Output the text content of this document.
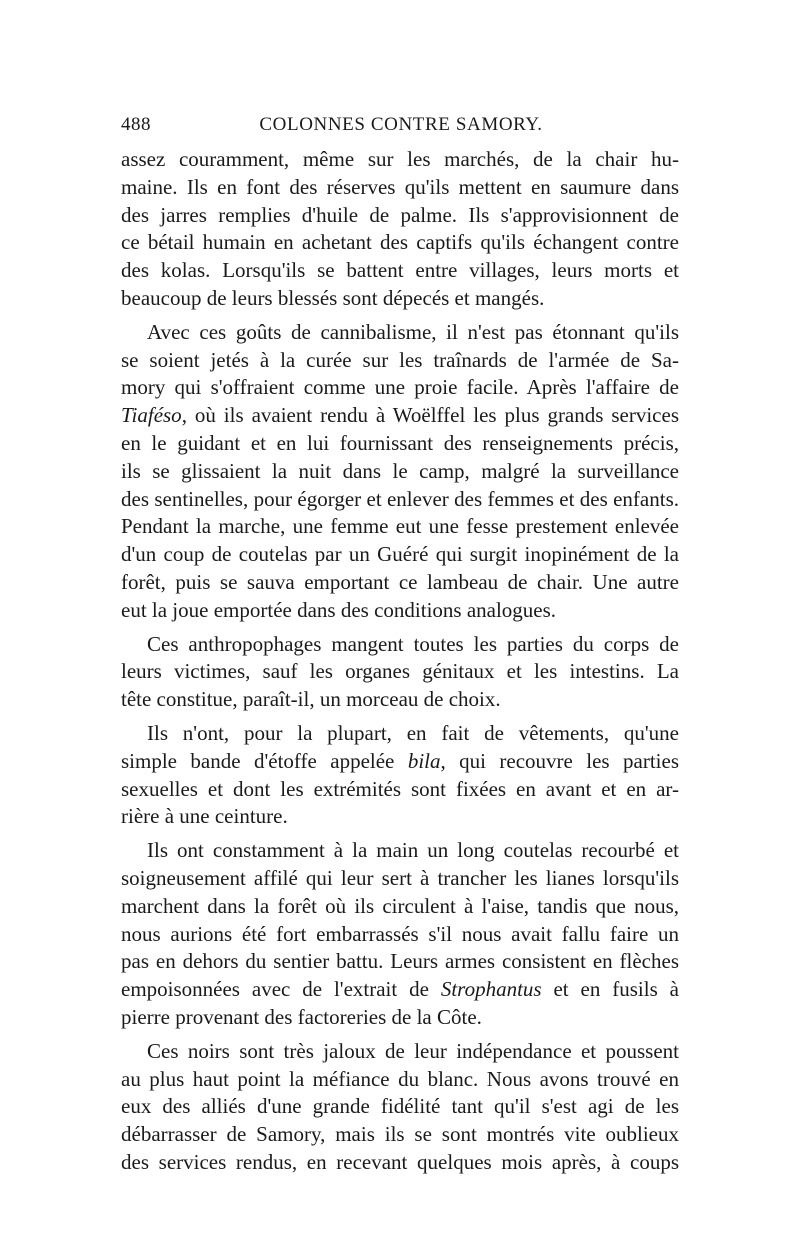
488	COLONNES CONTRE SAMORY.
assez couramment, même sur les marchés, de la chair hu-
maine. Ils en font des réserves qu'ils mettent en saumure dans
des jarres remplies d'huile de palme. Ils s'approvisionnent de
ce bétail humain en achetant des captifs qu'ils échangent contre
des kolas. Lorsqu'ils se battent entre villages, leurs morts et
beaucoup de leurs blessés sont dépecés et mangés.
Avec ces goûts de cannibalisme, il n'est pas étonnant qu'ils
se soient jetés à la curée sur les traînards de l'armée de Sa-
mory qui s'offraient comme une proie facile. Après l'affaire de
Tiaféso, où ils avaient rendu à Woëlffel les plus grands services
en le guidant et en lui fournissant des renseignements précis,
ils se glissaient la nuit dans le camp, malgré la surveillance
des sentinelles, pour égorger et enlever des femmes et des enfants.
Pendant la marche, une femme eut une fesse prestement enlevée
d'un coup de coutelas par un Guéré qui surgit inopinément de la
forêt, puis se sauva emportant ce lambeau de chair. Une autre
eut la joue emportée dans des conditions analogues.
Ces anthropophages mangent toutes les parties du corps de
leurs victimes, sauf les organes génitaux et les intestins. La
tête constitue, paraît-il, un morceau de choix.
Ils n'ont, pour la plupart, en fait de vêtements, qu'une
simple bande d'étoffe appelée bila, qui recouvre les parties
sexuelles et dont les extrémités sont fixées en avant et en ar-
rière à une ceinture.
Ils ont constamment à la main un long coutelas recourbé et
soigneusement affilé qui leur sert à trancher les lianes lorsqu'ils
marchent dans la forêt où ils circulent à l'aise, tandis que nous,
nous aurions été fort embarrassés s'il nous avait fallu faire un
pas en dehors du sentier battu. Leurs armes consistent en flèches
empoisonnées avec de l'extrait de Strophantus et en fusils à
pierre provenant des factoreries de la Côte.
Ces noirs sont très jaloux de leur indépendance et poussent
au plus haut point la méfiance du blanc. Nous avons trouvé en
eux des alliés d'une grande fidélité tant qu'il s'est agi de les
débarrasser de Samory, mais ils se sont montrés vite oublieux
des services rendus, en recevant quelques mois après, à coups
